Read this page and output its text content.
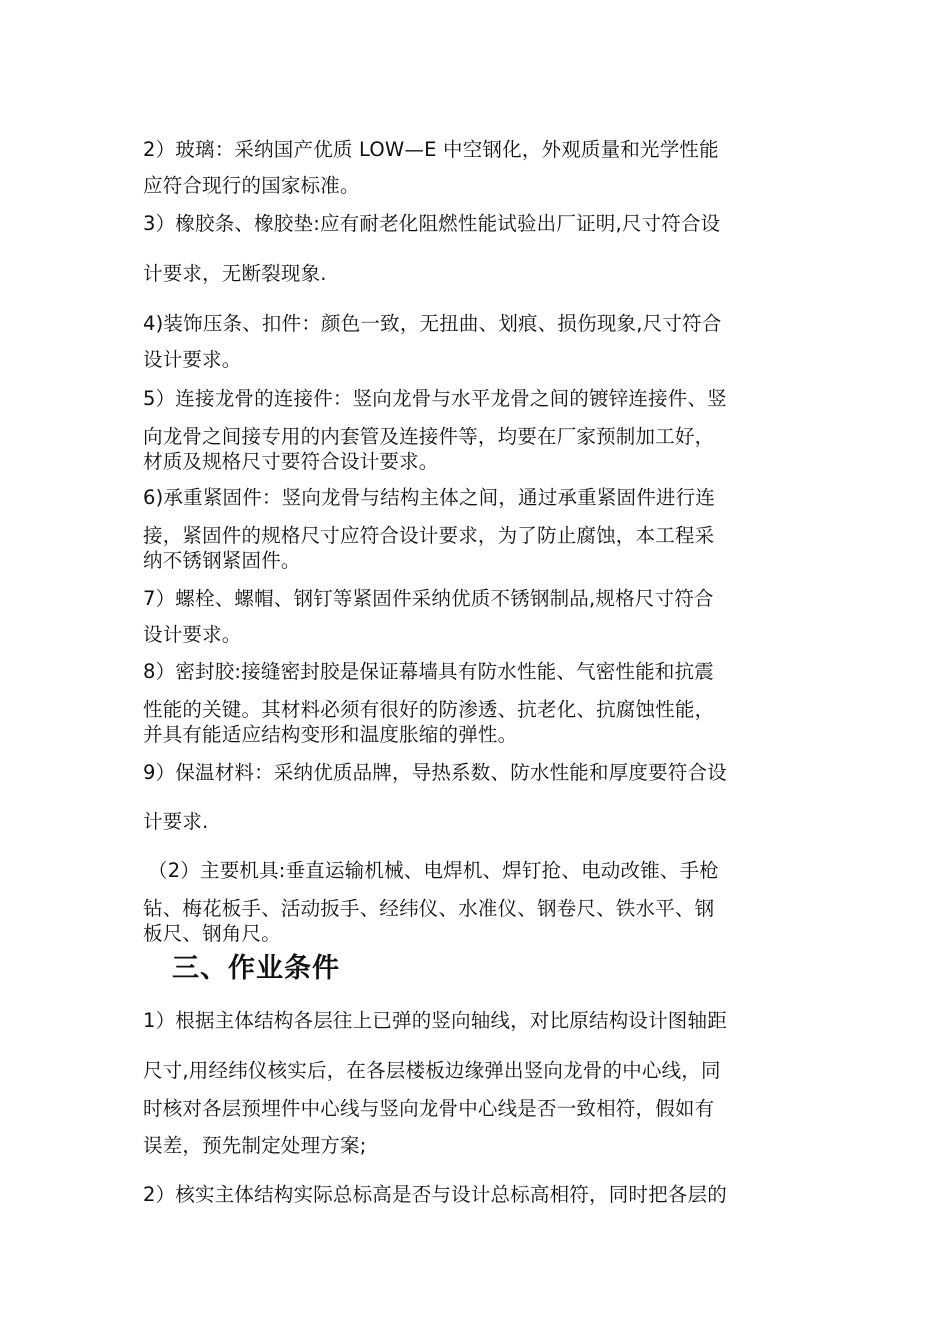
2）玻璃：采纳国产优质 LOW—E 中空钢化，外观质量和光学性能
应符合现行的国家标准。
3）橡胶条、橡胶垫:应有耐老化阻燃性能试验出厂证明,尺寸符合设
计要求，无断裂现象.
4)装饰压条、扣件：颜色一致，无扭曲、划痕、损伤现象,尺寸符合
设计要求。
5）连接龙骨的连接件：竖向龙骨与水平龙骨之间的镀锌连接件、竖
向龙骨之间接专用的内套管及连接件等，均要在厂家预制加工好，
材质及规格尺寸要符合设计要求。
6)承重紧固件：竖向龙骨与结构主体之间，通过承重紧固件进行连
接，紧固件的规格尺寸应符合设计要求，为了防止腐蚀，本工程采
纳不锈钢紧固件。
7）螺栓、螺帽、钢钉等紧固件采纳优质不锈钢制品,规格尺寸符合
设计要求。
8）密封胶:接缝密封胶是保证幕墙具有防水性能、气密性能和抗震
性能的关键。其材料必须有很好的防渗透、抗老化、抗腐蚀性能，
并具有能适应结构变形和温度胀缩的弹性。
9）保温材料：采纳优质品牌，导热系数、防水性能和厚度要符合设
计要求.
（2）主要机具:垂直运输机械、电焊机、焊钉抢、电动改锥、手枪
钻、梅花板手、活动扳手、经纬仪、水准仪、钢卷尺、铁水平、钢
板尺、钢角尺。
三、作业条件
1）根据主体结构各层往上已弹的竖向轴线，对比原结构设计图轴距
尺寸,用经纬仪核实后，在各层楼板边缘弹出竖向龙骨的中心线，同
时核对各层预埋件中心线与竖向龙骨中心线是否一致相符，假如有
误差，预先制定处理方案;
2）核实主体结构实际总标高是否与设计总标高相符，同时把各层的
